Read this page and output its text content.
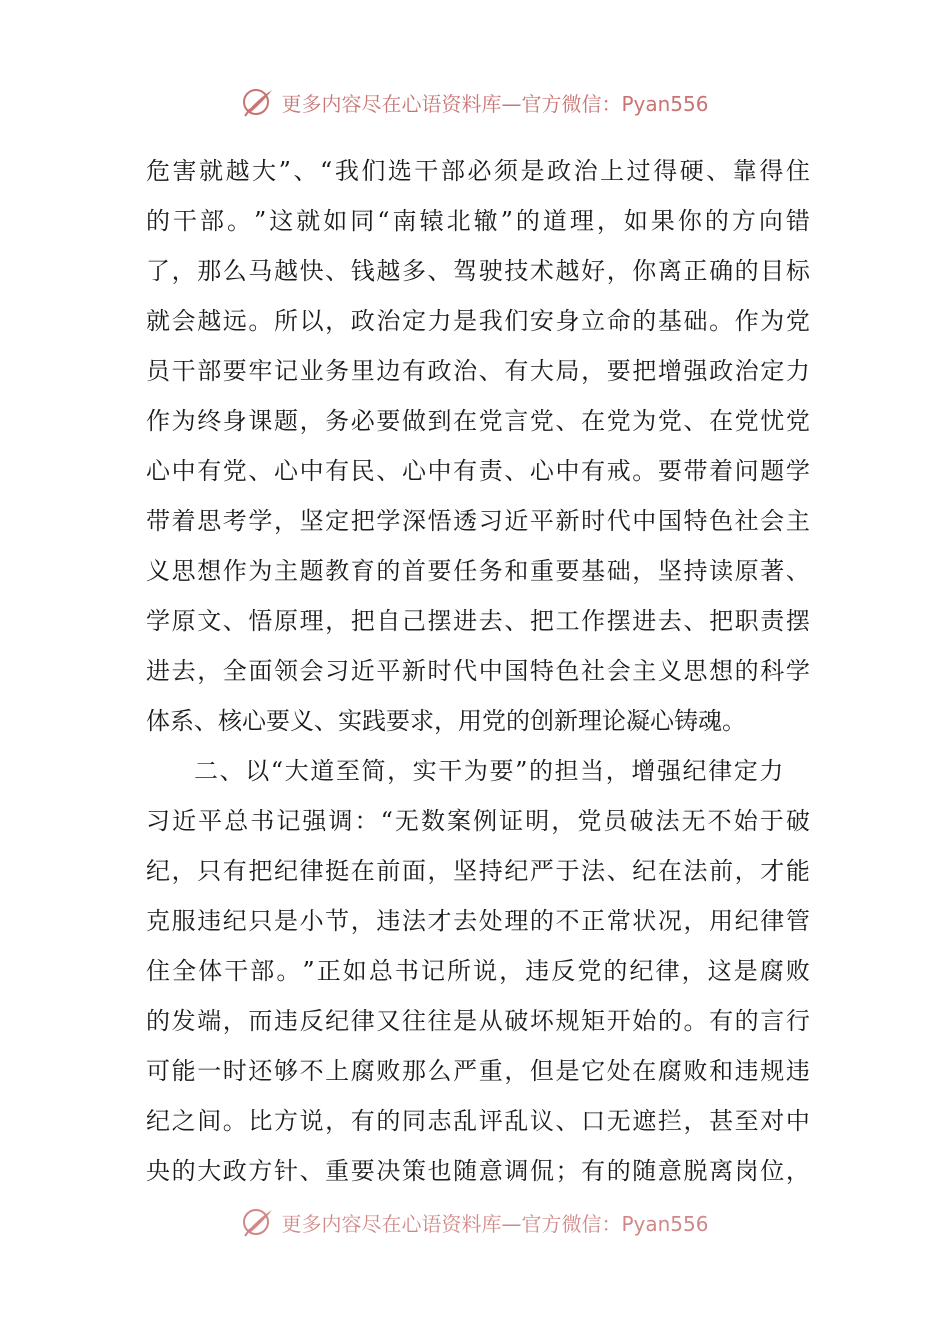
更多内容尽在心语资料库—官方微信：Pyan556
危 害 就 越 大 ” 、 “ 我 们 选 干 部 必 须 是 政 治 上 过 得 硬 、 靠 得 住
的 干 部 。 ” 这 就 如 同 “ 南 辕 北 辙 ” 的 道 理 ， 如 果 你 的 方 向 错
了 ， 那 么 马 越 快 、 钱 越 多 、 驾 驶 技 术 越 好 ， 你 离 正 确 的 目 标
就 会 越 远 。 所 以 ， 政 治 定 力 是 我 们 安 身 立 命 的 基 础 。 作 为 党
员 干 部 要 牢 记 业 务 里 边 有 政 治 、 有 大 局 ， 要 把 增 强 政 治 定 力
作 为 终 身 课 题 ， 务 必 要 做 到 在 党 言 党 、 在 党 为 党 、 在 党 忧 党
心 中 有 党 、 心 中 有 民 、 心 中 有 责 、 心 中 有 戒 。 要 带 着 问 题 学
带 着 思 考 学 ， 坚 定 把 学 深 悟 透 习 近 平 新 时 代 中 国 特 色 社 会 主
义 思 想 作 为 主 题 教 育 的 首 要 任 务 和 重 要 基 础 ， 坚 持 读 原 著 、
学 原 文 、 悟 原 理 ， 把 自 己 摆 进 去 、 把 工 作 摆 进 去 、 把 职 责 摆
进 去 ， 全 面 领 会 习 近 平 新 时 代 中 国 特 色 社 会 主 义 思 想 的 科 学
体系、核心要义、实践要求，用党的创新理论凝心铸魂。
二、以“大道至简，实干为要”的担当，增强纪律定力
习 近 平 总 书 记 强 调 ： “ 无 数 案 例 证 明 ， 党 员 破 法 无 不 始 于 破
纪 ， 只 有 把 纪 律 挺 在 前 面 ， 坚 持 纪 严 于 法 、 纪 在 法 前 ， 才 能
克 服 违 纪 只 是 小 节 ， 违 法 才 去 处 理 的 不 正 常 状 况 ， 用 纪 律 管
住 全 体 干 部 。 ” 正 如 总 书 记 所 说 ， 违 反 党 的 纪 律 ， 这 是 腐 败
的 发 端 ， 而 违 反 纪 律 又 往 往 是 从 破 坏 规 矩 开 始 的 。 有 的 言 行
可 能 一 时 还 够 不 上 腐 败 那 么 严 重 ， 但 是 它 处 在 腐 败 和 违 规 违
纪 之 间 。 比 方 说 ， 有 的 同 志 乱 评 乱 议 、 口 无 遮 拦 ， 甚 至 对 中
央 的 大 政 方 针 、 重 要 决 策 也 随 意 调 侃 ； 有 的 随 意 脱 离 岗 位 ，
更多内容尽在心语资料库—官方微信：Pyan556
